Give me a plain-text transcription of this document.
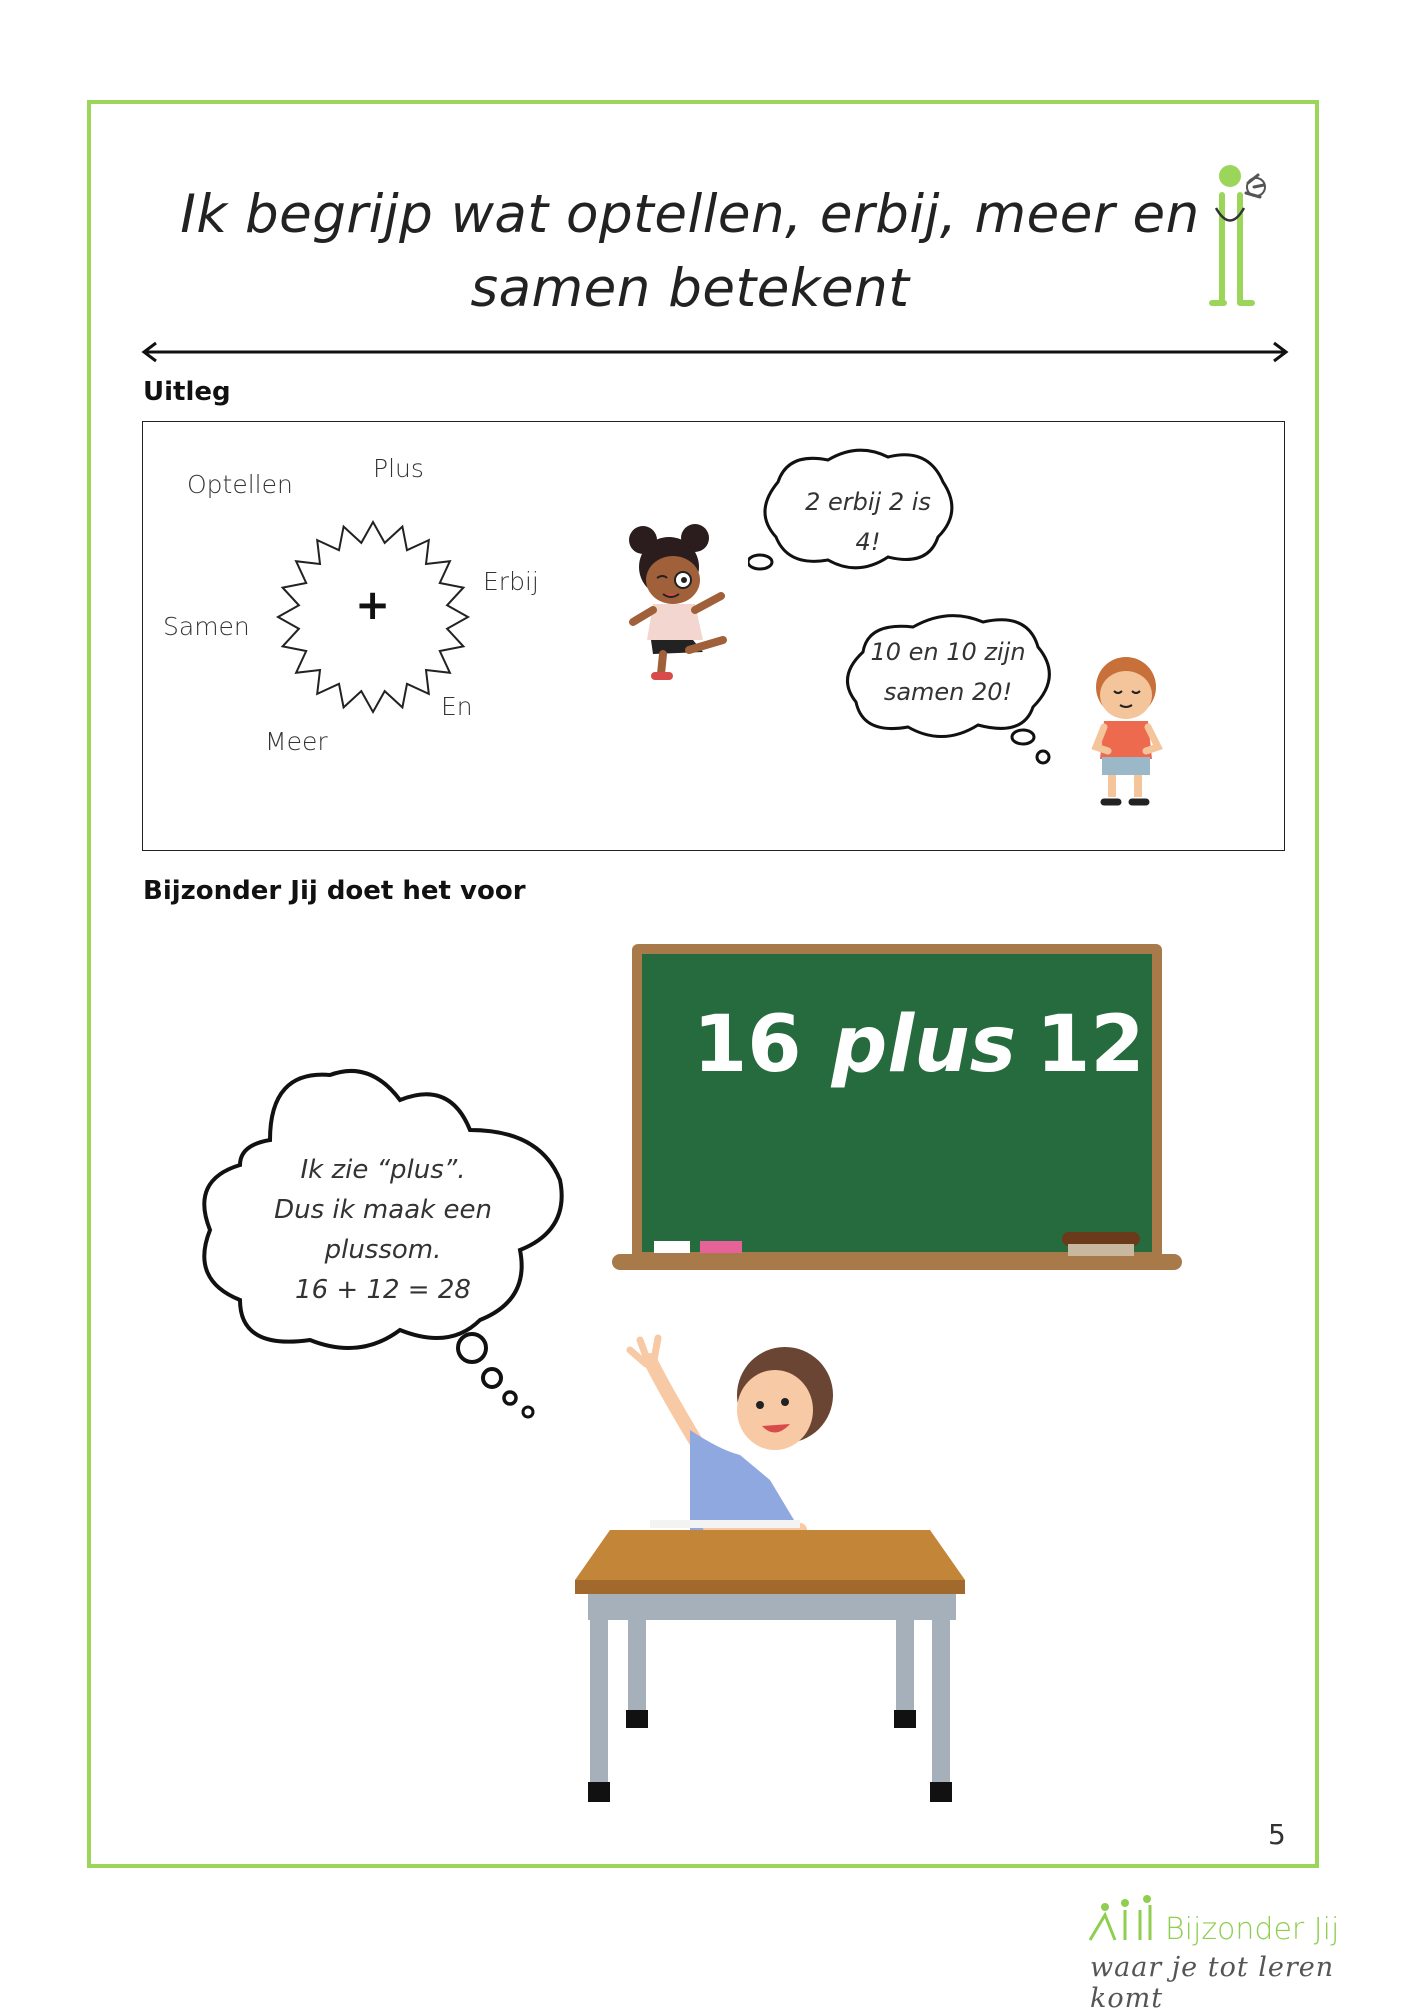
Ik begrijp wat optellen, erbij, meer en samen betekent
Uitleg
+
Optellen
Plus
Erbij
Samen
En
Meer
2 erbij 2 is 4!
10 en 10 zijn
samen 20!
Bijzonder Jij doet het voor
16 plus 12
Ik zie “plus”.
Dus ik maak een plussom.
16 + 12 = 28
5
Bijzonder Jij
waar je tot leren komt
